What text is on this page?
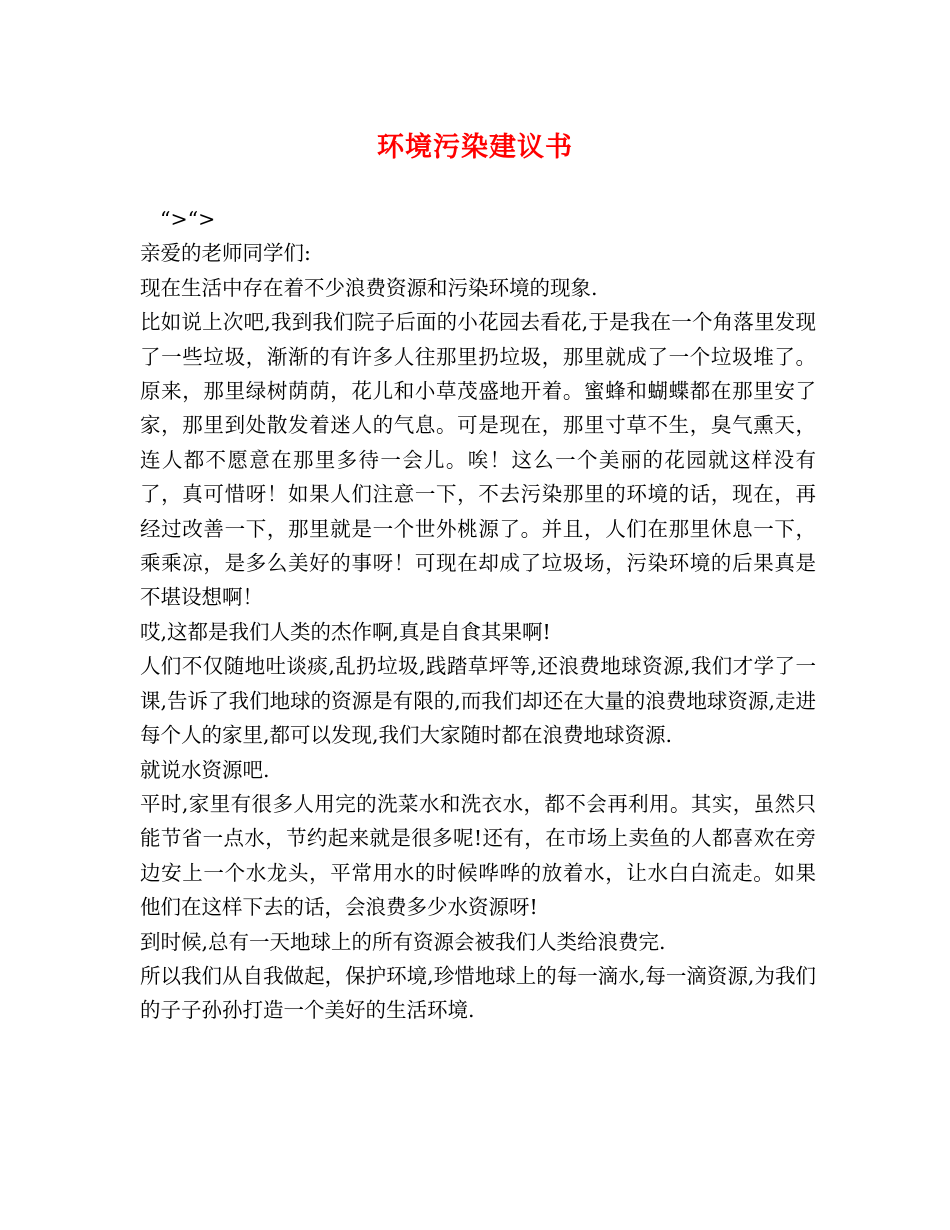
环境污染建议书

“>“>

亲爱的老师同学们:

现在生活中存在着不少浪费资源和污染环境的现象.

比如说上次吧,我到我们院子后面的小花园去看花,于是我在一个角落里发现了一些垃圾，渐渐的有许多人往那里扔垃圾，那里就成了一个垃圾堆了。原来，那里绿树荫荫，花儿和小草茂盛地开着。蜜蜂和蝴蝶都在那里安了家，那里到处散发着迷人的气息。可是现在，那里寸草不生，臭气熏天，连人都不愿意在那里多待一会儿。唉！这么一个美丽的花园就这样没有了，真可惜呀！如果人们注意一下，不去污染那里的环境的话，现在，再经过改善一下，那里就是一个世外桃源了。并且，人们在那里休息一下，乘乘凉，是多么美好的事呀！可现在却成了垃圾场，污染环境的后果真是不堪设想啊！

哎,这都是我们人类的杰作啊,真是自食其果啊!

人们不仅随地吐谈痰,乱扔垃圾,践踏草坪等,还浪费地球资源,我们才学了一课,告诉了我们地球的资源是有限的,而我们却还在大量的浪费地球资源,走进每个人的家里,都可以发现,我们大家随时都在浪费地球资源.

就说水资源吧.

平时,家里有很多人用完的洗菜水和洗衣水，都不会再利用。其实，虽然只能节省一点水，节约起来就是很多呢!还有，在市场上卖鱼的人都喜欢在旁边安上一个水龙头，平常用水的时候哗哗的放着水，让水白白流走。如果他们在这样下去的话，会浪费多少水资源呀!

到时候,总有一天地球上的所有资源会被我们人类给浪费完.

所以我们从自我做起，保护环境,珍惜地球上的每一滴水,每一滴资源,为我们的子子孙孙打造一个美好的生活环境.
